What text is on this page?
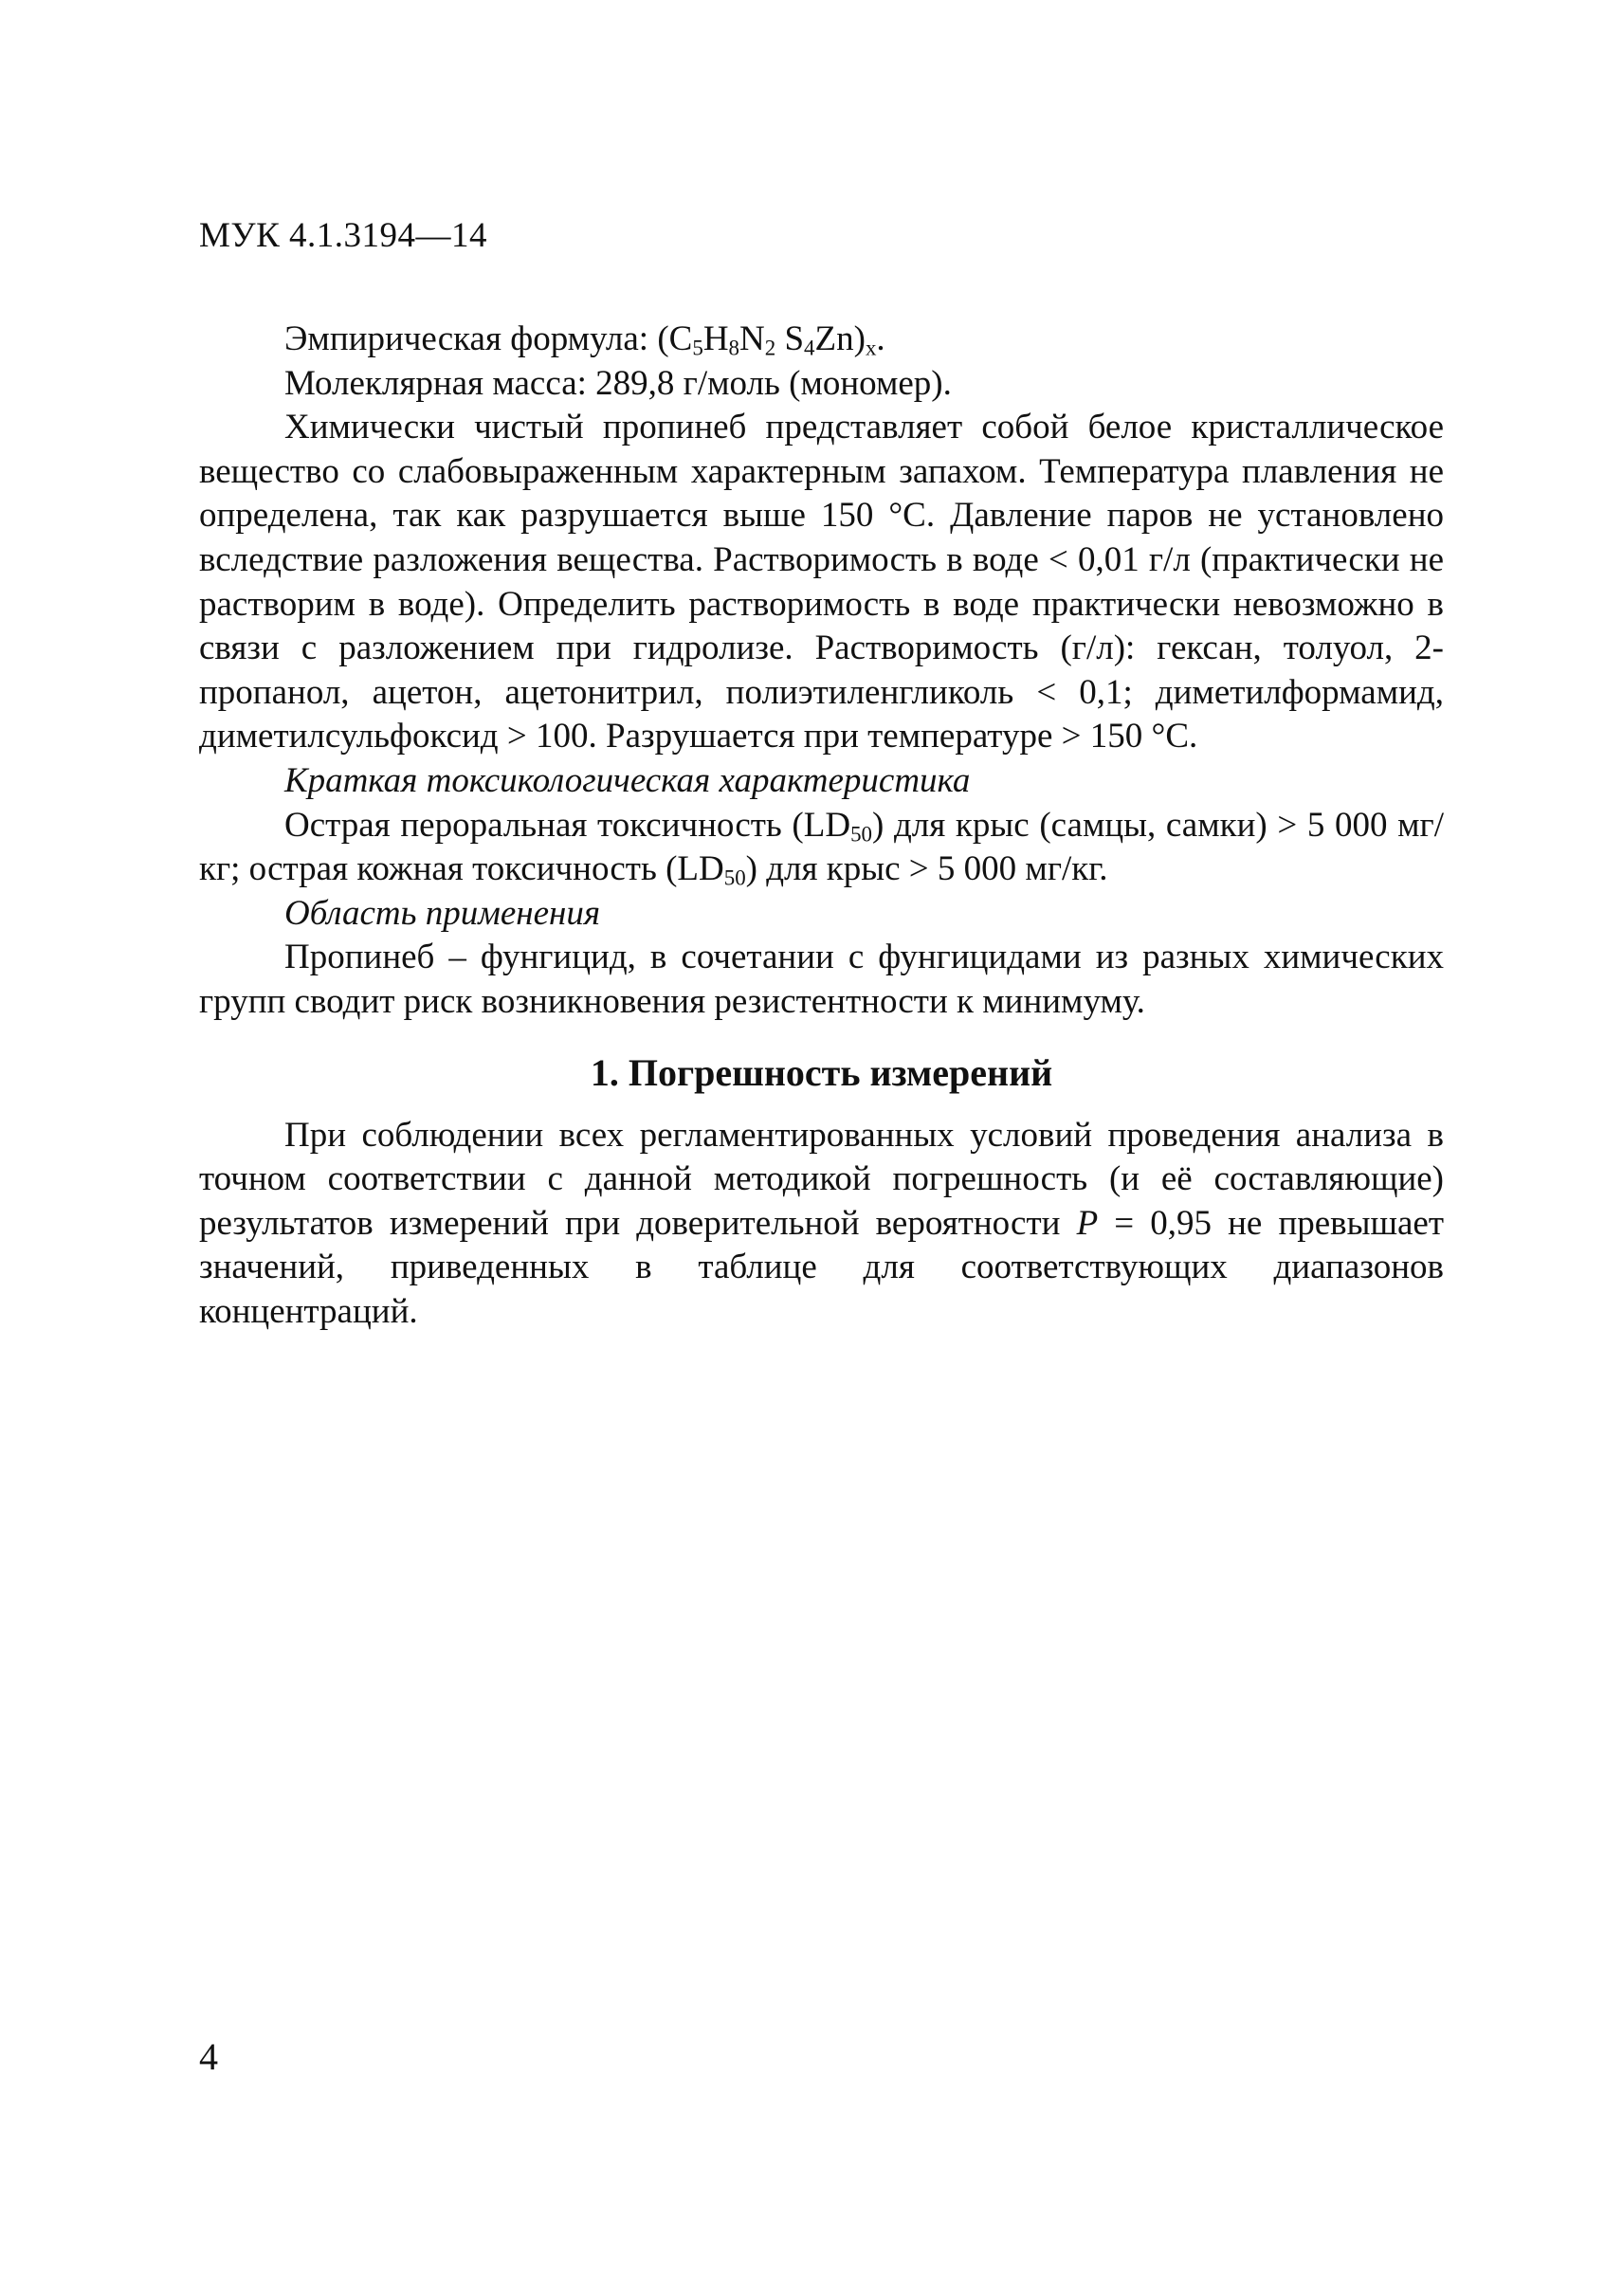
МУК 4.1.3194—14

Эмпирическая формула: ($C_5H_8N_2$ $S_4Zn)_x$.

Молеклярная масса: 289,8 г/моль (мономер).

Химически чистый пропинеб представляет собой белое кристаллическое вещество со слабовыраженным характерным запахом. Температура плавления не определена, так как разрушается выше 150 °С. Давление паров не установлено вследствие разложения вещества. Растворимость в воде < 0,01 г/л (практически не растворим в воде). Определить растворимость в воде практически невозможно в связи с разложением при гидролизе. Растворимость (г/л): гексан, толуол, 2-пропанол, ацетон, ацетонитрил, полиэтиленгликоль < 0,1; диметилформамид, диметилсульфоксид > 100. Разрушается при температуре > 150 °С.

Краткая токсикологическая характеристика

Острая пероральная токсичность $(LD_{50})$ для крыс (самцы, самки) > 5 000 мг/кг; острая кожная токсичность $(LD_{50})$ для крыс > 5 000 мг/кг.

Область применения

Пропинеб – фунгицид, в сочетании с фунгицидами из разных химических групп сводит риск возникновения резистентности к минимуму.

1. Погрешность измерений

При соблюдении всех регламентированных условий проведения анализа в точном соответствии с данной методикой погрешность (и её составляющие) результатов измерений при доверительной вероятности P = 0,95 не превышает значений, приведенных в таблице для соответствующих диапазонов концентраций.

4
